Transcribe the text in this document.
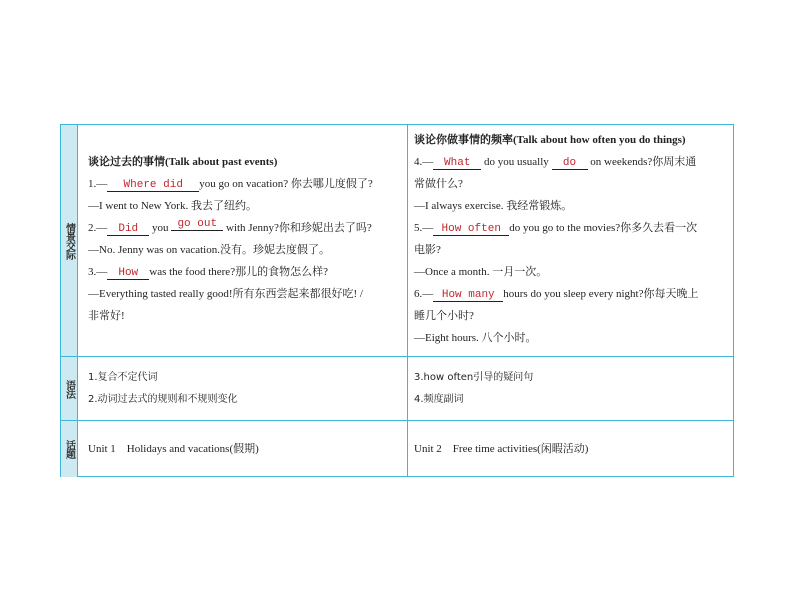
情景交际
谈论过去的事情(Talk about past events)
1.— Where did you go on vacation? 你去哪儿度假了?
—I went to New York. 我去了纽约。
2.— Did you go out with Jenny?你和珍妮出去了吗?
—No. Jenny was on vacation.没有。珍妮去度假了。
3.— How was the food there?那儿的食物怎么样?
—Everything tasted really good!所有东西尝起来都很好吃! /
非常好!
谈论你做事情的频率(Talk about how often you do things)
4.— What do you usually do on weekends?你周末通
常做什么?
—I always exercise. 我经常锻炼。
5.— How often do you go to the movies?你多久去看一次
电影?
—Once a month. 一月一次。
6.— How many hours do you sleep every night?你每天晚上
睡几个小时?
—Eight hours. 八个小时。
语法
1.复合不定代词
2.动词过去式的规则和不规则变化
3.how often引导的疑问句
4.频度副词
话题	Unit 1    Holidays and vacations(假期)	Unit 2    Free time activities(闲暇活动)
